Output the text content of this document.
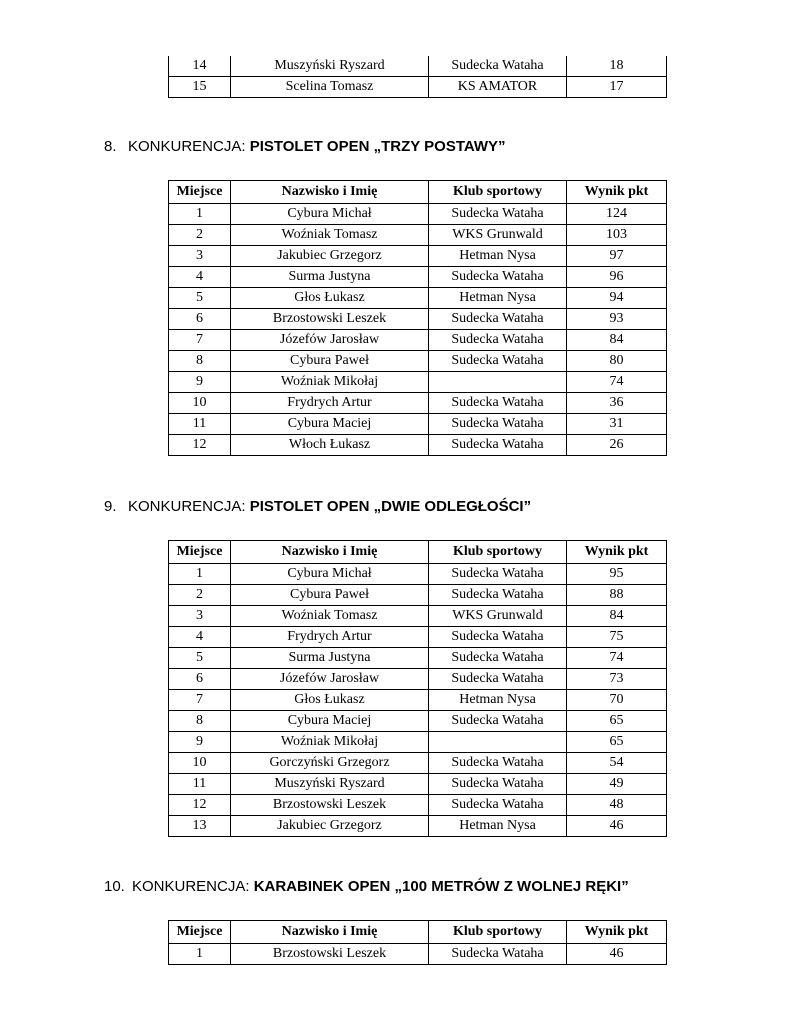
14	Muszyński Ryszard	Sudecka Wataha	18
15	Scelina Tomasz	KS AMATOR	17
8. KONKURENCJA: PISTOLET OPEN „TRZY POSTAWY”
Miejsce	Nazwisko i Imię	Klub sportowy	Wynik pkt
1	Cybura Michał	Sudecka Wataha	124
2	Woźniak Tomasz	WKS Grunwald	103
3	Jakubiec Grzegorz	Hetman Nysa	97
4	Surma Justyna	Sudecka Wataha	96
5	Głos Łukasz	Hetman Nysa	94
6	Brzostowski Leszek	Sudecka Wataha	93
7	Józefów Jarosław	Sudecka Wataha	84
8	Cybura Paweł	Sudecka Wataha	80
9	Woźniak Mikołaj		74
10	Frydrych Artur	Sudecka Wataha	36
11	Cybura Maciej	Sudecka Wataha	31
12	Włoch Łukasz	Sudecka Wataha	26
9. KONKURENCJA: PISTOLET OPEN „DWIE ODLEGŁOŚCI”
Miejsce	Nazwisko i Imię	Klub sportowy	Wynik pkt
1	Cybura Michał	Sudecka Wataha	95
2	Cybura Paweł	Sudecka Wataha	88
3	Woźniak Tomasz	WKS Grunwald	84
4	Frydrych Artur	Sudecka Wataha	75
5	Surma Justyna	Sudecka Wataha	74
6	Józefów Jarosław	Sudecka Wataha	73
7	Głos Łukasz	Hetman Nysa	70
8	Cybura Maciej	Sudecka Wataha	65
9	Woźniak Mikołaj		65
10	Gorczyński Grzegorz	Sudecka Wataha	54
11	Muszyński Ryszard	Sudecka Wataha	49
12	Brzostowski Leszek	Sudecka Wataha	48
13	Jakubiec Grzegorz	Hetman Nysa	46
10. KONKURENCJA: KARABINEK OPEN „100 METRÓW Z WOLNEJ RĘKI”
Miejsce	Nazwisko i Imię	Klub sportowy	Wynik pkt
1	Brzostowski Leszek	Sudecka Wataha	46
